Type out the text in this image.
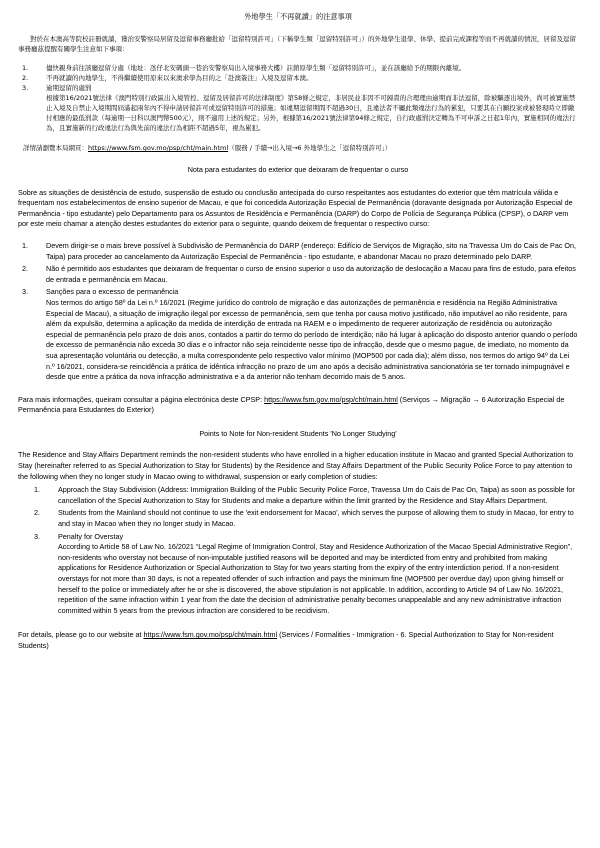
外地學生「不再就讀」的注意事項

對於在本澳高等院校註冊就讀，獲治安警察局居留及逗留事務廳批給「逗留特別許可」（下稱學生類「逗留特別許可」）的外地學生退學、休學、提前完成課程等而不再就讀的情況，居留及逗留事務廳茲提醒有關學生注意如下事項：

1.	儘快親身前往該廳逗留分處（地址：氹仔北安碼頭一巷治安警察局出入境事務大樓）註銷原學生類「逗留特別許可」，並在該廳給予的期限內離境。
2.	不再就讀的內地學生，不得繼續使用原來以來澳求學為目的之「赴澳簽注」入境及逗留本澳。
3.	逾期逗留的處罰
根據第16/2021號法律《澳門特別行政區出入境管控、逗留及居留許可的法律制度》第58條之規定，非居民並非因不可歸責的合理理由逾期而非法逗留，除被驅逐出境外，尚可被實施禁止入境及自禁止入境期間屆滿起兩年內不得申請居留許可或逗留特別許可的措施；如違期逗留期間不超過30日，且違法者不屬此類違法行為的累犯，只要其在自願投案或被發現時立即繳付相應的最低罰款（每逾期一日科以澳門幣500元），則不適用上述的規定；另外，根據第16/2021號法律第94條之規定，自行政處罰決定轉為不可申訴之日起1年內，實施相同的違法行為，且實施新的行政違法行為與先前的違法行為相距不超過5年，視為累犯。

詳情請瀏覽本局網頁：https://www.fsm.gov.mo/psp/cht/main.html（服務 / 手續→出入境→6 外地學生之「逗留特別許可」）

Nota para estudantes do exterior que deixaram de frequentar o curso

Sobre as situações de desistência de estudo, suspensão de estudo ou conclusão antecipada do curso respeitantes aos estudantes do exterior que têm matrícula válida e frequentam nos estabelecimentos de ensino superior de Macau, e que foi concedida Autorização Especial de Permanência (doravante designada por Autorização Especial de Permanência - tipo estudante) pelo Departamento para os Assuntos de Residência e Permanência (DARP) do Corpo de Polícia de Segurança Pública (CPSP), o DARP vem por este meio chamar a atenção destes estudantes do exterior para o seguinte, quando deixem de frequentar o respectivo curso:

1.	Devem dirigir-se o mais breve possível à Subdivisão de Permanência do DARP (endereço: Edifício de Serviços de Migração, sito na Travessa Um do Cais de Pac On, Taipa) para proceder ao cancelamento da Autorização Especial de Permanência - tipo estudante, e abandonar Macau no prazo determinado pelo DARP.
2.	Não é permitido aos estudantes que deixaram de frequentar o curso de ensino superior o uso da autorização de deslocação a Macau para fins de estudo, para efeitos de entrada e permanência em Macau.
3.	Sanções para o excesso de permanência
Nos termos do artigo 58º da Lei n.º 16/2021 (Regime jurídico do controlo de migração e das autorizações de permanência e residência na Região Administrativa Especial de Macau), a situação de imigração ilegal por excesso de permanência, sem que tenha por causa motivo justificado, não imputável ao não residente, para além da expulsão, determina a aplicação da medida de interdição de entrada na RAEM e o impedimento de requerer autorização de residência ou autorização especial de permanência pelo prazo de dois anos, contados a partir do termo do período de interdição; não há lugar à aplicação do disposto anterior quando o período de excesso de permanência não exceda 30 dias e o infractor não seja reincidente nesse tipo de infracção, desde que o mesmo pague, de imediato, no momento da sua apresentação voluntária ou detecção, a multa correspondente pelo respectivo valor mínimo (MOP500 por cada dia); além disso, nos termos do artigo 94º da Lei n.º 16/2021, considera-se reincidência a prática de idêntica infracção no prazo de um ano após a decisão administrativa sancionatória se ter tornado inimpugnável e desde que entre a prática da nova infracção administrativa e a da anterior não tenham decorrido mais de 5 anos.

Para mais informações, queiram consultar a página electrónica deste CPSP: https://www.fsm.gov.mo/psp/cht/main.html (Serviços → Migração → 6 Autorização Especial de Permanência para Estudantes do Exterior)

Points to Note for Non-resident Students 'No Longer Studying'

The Residence and Stay Affairs Department reminds the non-resident students who have enrolled in a higher education institute in Macao and granted Special Authorization to Stay (hereinafter referred to as Special Authorization to Stay for Students) by the Residence and Stay Affairs Department of the Public Security Police Force to pay attention to the following when they no longer study in Macao owing to withdrawal, suspension or early completion of studies:

1.	Approach the Stay Subdivision (Address: Immigration Building of the Public Security Police Force, Travessa Um do Cais de Pac On, Taipa) as soon as possible for cancellation of the Special Authorization to Stay for Students and make a departure within the limit granted by the Residence and Stay Affairs Department.
2.	Students from the Mainland should not continue to use the 'exit endorsement for Macao', which serves the purpose of allowing them to study in Macao, for entry to and stay in Macao when they no longer study in Macao.
3.	Penalty for Overstay
According to Article 58 of Law No. 16/2021 “Legal Regime of Immigration Control, Stay and Residence Authorization of the Macao Special Administrative Region”, non-residents who overstay not because of non-imputable justified reasons will be deported and may be interdicted from entry and prohibited from making applications for Residence Authorization or Special Authorization to Stay for two years starting from the expiry of the entry interdiction period. If a non-resident overstays for not more than 30 days, is not a repeated offender of such infraction and pays the minimum fine (MOP500 per overdue day) upon giving himself or herself to the police or immediately after he or she is discovered, the above stipulation is not applicable. In addition, according to Article 94 of Law No. 16/2021, repetition of the same infraction within 1 year from the date the decision of administrative penalty becomes unappealable and any new administrative infraction committed within 5 years from the previous infraction are considered to be recidivism.

For details, please go to our website at https://www.fsm.gov.mo/psp/cht/main.html (Services / Formalities - Immigration - 6. Special Authorization to Stay for Non-resident Students)
